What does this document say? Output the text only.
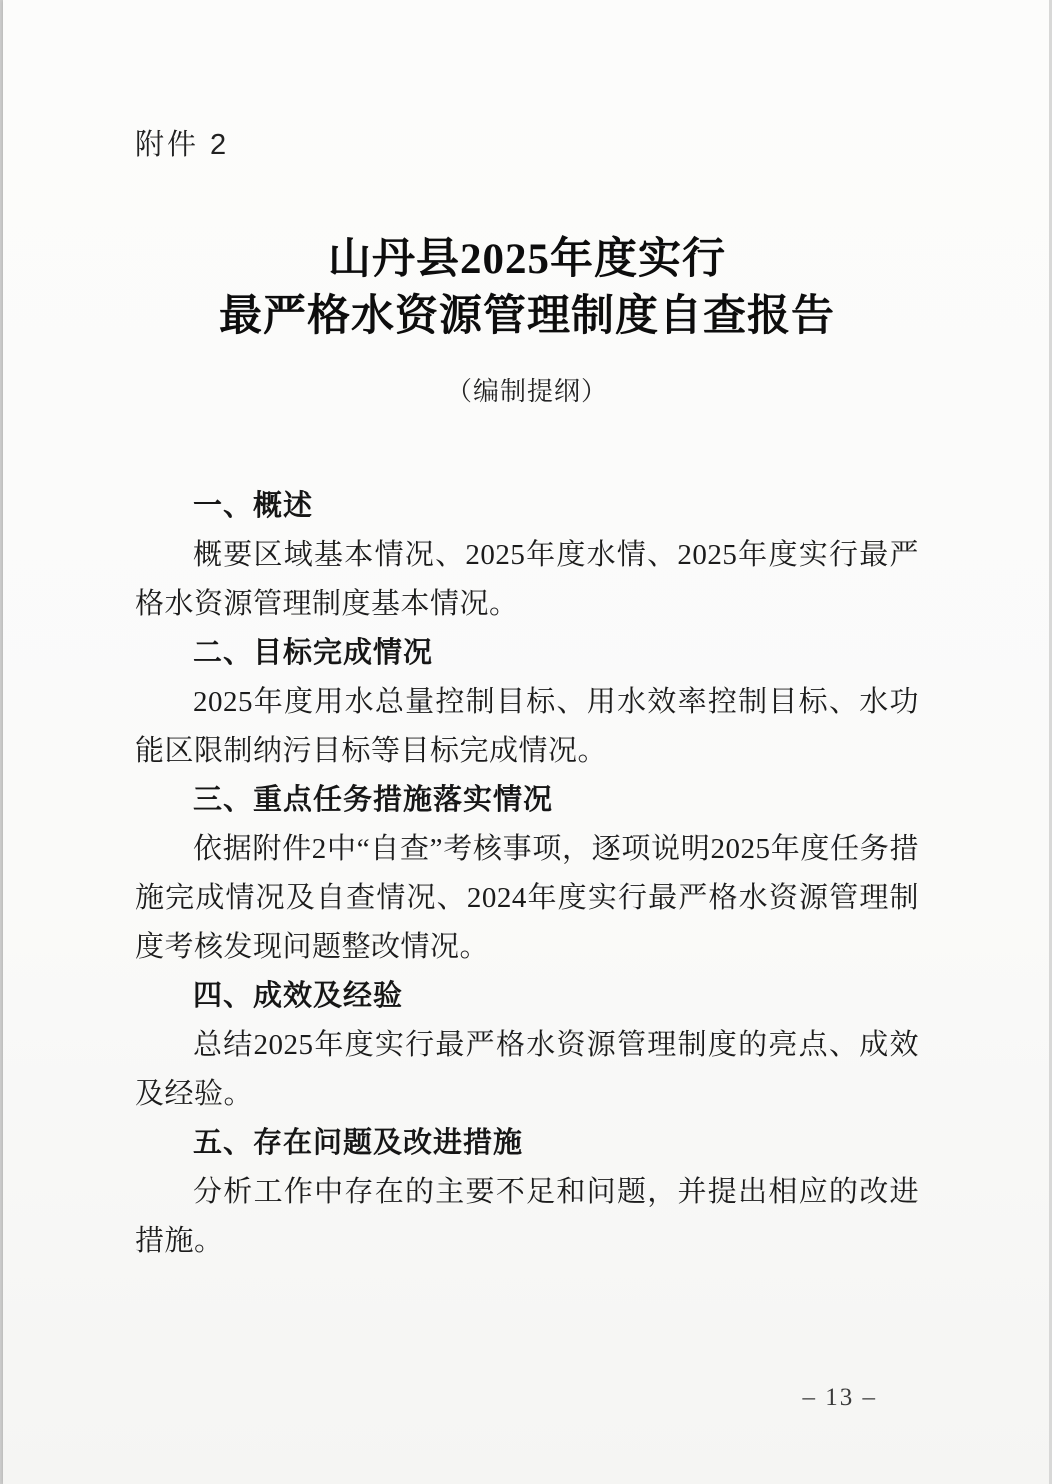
附件 2
山丹县2025年度实行
最严格水资源管理制度自查报告
（编制提纲）
一、概述

概要区域基本情况、2025年度水情、2025年度实行最严格水资源管理制度基本情况。

二、目标完成情况

2025年度用水总量控制目标、用水效率控制目标、水功能区限制纳污目标等目标完成情况。

三、重点任务措施落实情况

依据附件2中“自查”考核事项，逐项说明2025年度任务措施完成情况及自查情况、2024年度实行最严格水资源管理制度考核发现问题整改情况。

四、成效及经验

总结2025年度实行最严格水资源管理制度的亮点、成效及经验。

五、存在问题及改进措施

分析工作中存在的主要不足和问题，并提出相应的改进措施。

– 13 –
